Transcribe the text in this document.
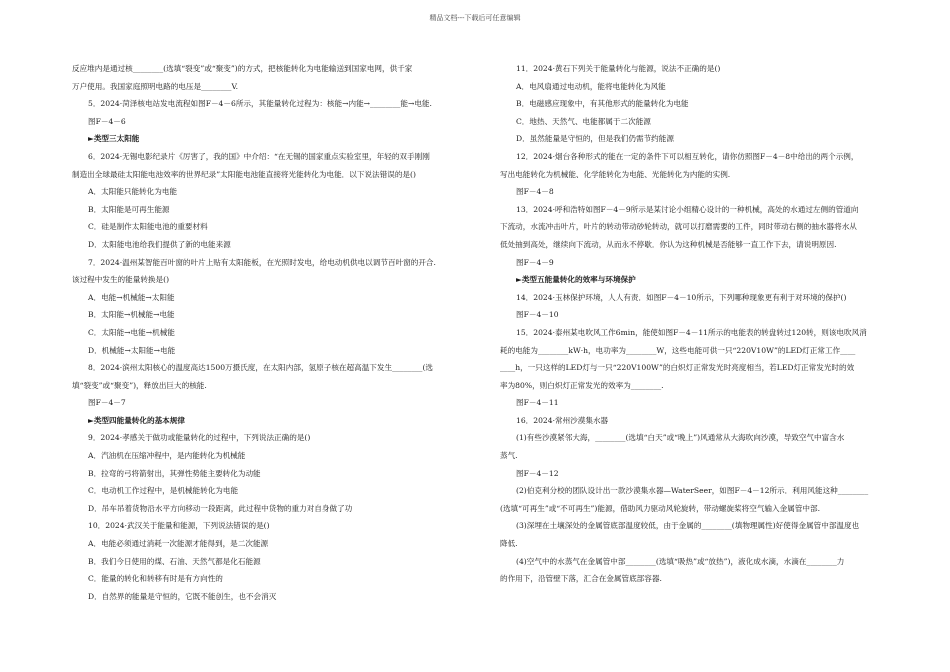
精品文档---下载后可任意编辑

反应堆内是通过核________(选填“裂变”或“聚变”)的方式，把核能转化为电能输送到国家电网，供千家

万户使用。我国家庭照明电路的电压是________V.

5．2024·菏泽核电站发电流程如图F－4－6所示，其能量转化过程为：核能→内能→________能→电能.

图F－4－6

►类型三太阳能

6．2024·无锡电影纪录片《厉害了，我的国》中介绍：“在无锡的国家重点实验室里，年轻的双手刚刚

制造出全球最硅太阳能电池效率的世界纪录”太阳能电池能直接将光能转化为电能．以下说法错误的是()

A．太阳能只能转化为电能

B．太阳能是可再生能源

C．硅是制作太阳能电池的重要材料

D．太阳能电池给我们提供了新的电能来源

7．2024·温州某智能百叶窗的叶片上贴有太阳能板，在光照时发电，给电动机供电以调节百叶窗的开合.

该过程中发生的能量转换是()

A．电能→机械能→太阳能

B．太阳能→机械能→电能

C．太阳能→电能→机械能

D．机械能→太阳能→电能

8．2024·滨州太阳核心的温度高达1500万摄氏度，在太阳内部，氢原子核在超高温下发生________(选

填“裂变”或“聚变”)，释放出巨大的核能.

图F－4－7

►类型四能量转化的基本规律

9．2024·孝感关于做功或能量转化的过程中，下列说法正确的是()

A．汽油机在压缩冲程中，是内能转化为机械能

B．拉弯的弓将箭射出，其弹性势能主要转化为动能

C．电动机工作过程中，是机械能转化为电能

D．吊车吊着货物沿水平方向移动一段距离，此过程中货物的重力对自身做了功

10．2024·武汉关于能量和能源，下列说法错误的是()

A．电能必须通过消耗一次能源才能得到，是二次能源

B．我们今日使用的煤、石油、天然气都是化石能源

C．能量的转化和转移有时是有方向性的

D．自然界的能量是守恒的，它既不能创生，也不会消灭

11．2024·黄石下列关于能量转化与能源，说法不正确的是()

A．电风扇通过电动机，能将电能转化为风能

B．电磁感应现象中，有其他形式的能量转化为电能

C．地热、天然气、电能都属于二次能源

D．虽然能量是守恒的，但是我们仍需节约能源

12．2024·烟台各种形式的能在一定的条件下可以相互转化，请你仿照图F－4－8中给出的两个示例，

写出电能转化为机械能、化学能转化为电能、光能转化为内能的实例.

图F－4－8

13．2024·呼和浩特如图F－4－9所示是某讨论小组精心设计的一种机械，高处的水通过左侧的管道向

下流动，水流冲击叶片，叶片的转动带动砂轮转动，就可以打磨需要的工件，同时带动右侧的抽水器将水从

低处抽到高处，继续向下流动，从而永不停歇．你认为这种机械是否能够一直工作下去，请说明原因.

图F－4－9

►类型五能量转化的效率与环境保护

14．2024·玉林保护环境，人人有责．如图F－4－10所示，下列哪种现象更有利于对环境的保护()

图F－4－10

15．2024·泰州某电吹风工作6min，能使如图F－4－11所示的电能表的转盘转过120转，则该电吹风消

耗的电能为________kW·h，电功率为________W，这些电能可供一只“220V10W”的LED灯正常工作____

____h，一只这样的LED灯与一只“220V100W”的白炽灯正常发光时亮度相当，若LED灯正常发光时的效

率为80%，则白炽灯正常发光的效率为________.

图F－4－11

16．2024·常州沙漠集水器

(1)有些沙漠紧邻大海，________(选填“白天”或“晚上”)风通常从大海吹向沙漠，导致空气中富含水

蒸气.

图F－4－12

(2)伯克利分校的团队设计出一款沙漠集水器—WaterSeer，如图F－4－12所示．利用风能这种________

(选填“可再生”或“不可再生”)能源，借助风力驱动风轮旋转，带动螺旋桨将空气输入金属管中部.

(3)深埋在土壤深处的金属管底部温度较低，由于金属的________(填物理属性)好使得金属管中部温度也

降低.

(4)空气中的水蒸气在金属管中部________(选填“吸热”或“放热”)，液化成水滴，水滴在________力

的作用下，沿管壁下落，汇合在金属管底部容器.
